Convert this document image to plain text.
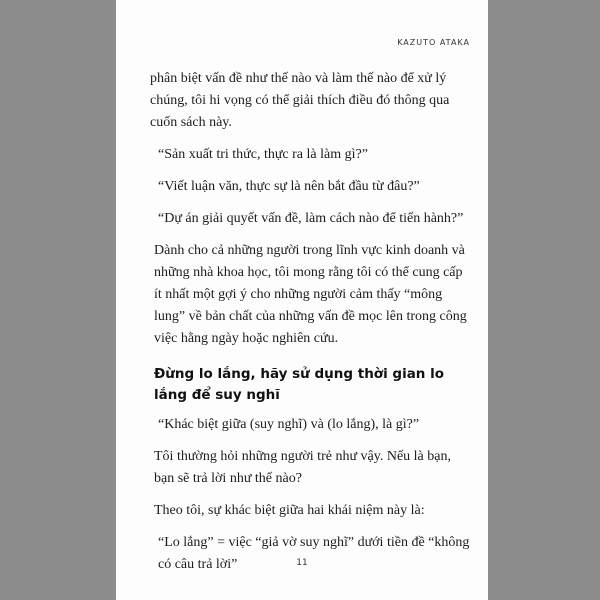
KAZUTO ATAKA

phân biệt vấn đề như thế nào và làm thế nào để xử lý chúng, tôi hi vọng có thể giải thích điều đó thông qua cuốn sách này.

“Sản xuất tri thức, thực ra là làm gì?”

“Viết luận văn, thực sự là nên bắt đầu từ đâu?”

“Dự án giải quyết vấn đề, làm cách nào để tiến hành?”

Dành cho cả những người trong lĩnh vực kinh doanh và những nhà khoa học, tôi mong rằng tôi có thể cung cấp ít nhất một gợi ý cho những người cảm thấy “mông lung” về bản chất của những vấn đề mọc lên trong công việc hằng ngày hoặc nghiên cứu.

Đừng lo lắng, hãy sử dụng thời gian lo lắng để suy nghĩ

“Khác biệt giữa (suy nghĩ) và (lo lắng), là gì?”

Tôi thường hỏi những người trẻ như vậy. Nếu là bạn, bạn sẽ trả lời như thế nào?

Theo tôi, sự khác biệt giữa hai khái niệm này là:

“Lo lắng” = việc “giả vờ suy nghĩ” dưới tiền đề “không có câu trả lời”	11
